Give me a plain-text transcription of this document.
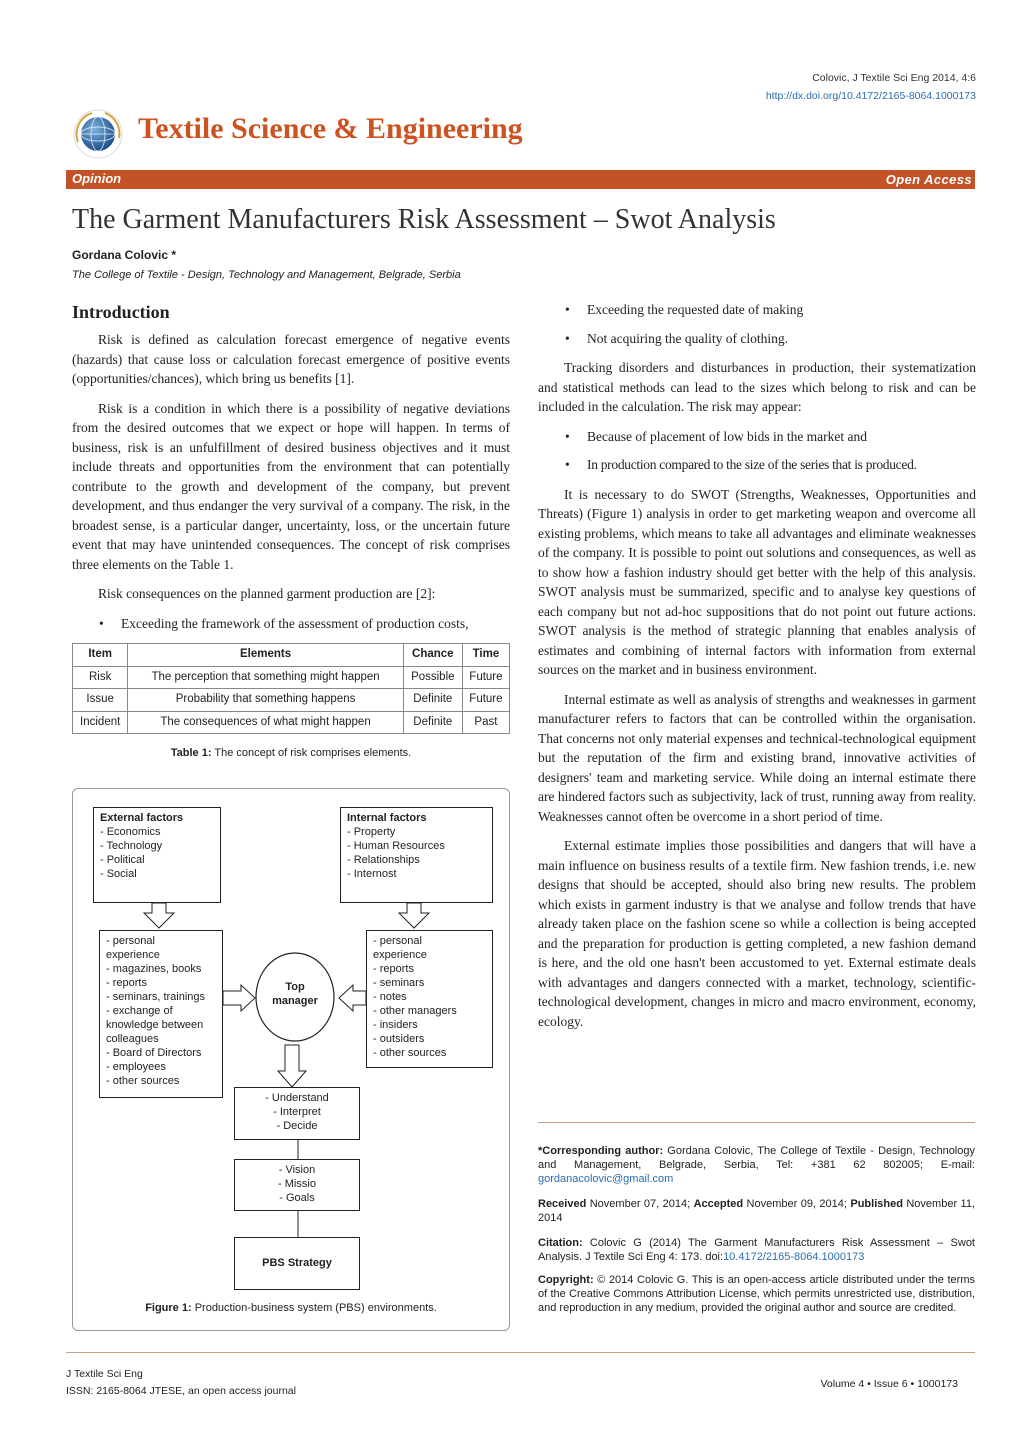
Colovic, J Textile Sci Eng 2014, 4:6
http://dx.doi.org/10.4172/2165-8064.1000173
Textile Science & Engineering
Opinion	Open Access
The Garment Manufacturers Risk Assessment – Swot Analysis
Gordana Colovic *
The College of Textile - Design, Technology and Management, Belgrade, Serbia
Introduction

Risk is defined as calculation forecast emergence of negative events (hazards) that cause loss or calculation forecast emergence of positive events (opportunities/chances), which bring us benefits [1].

Risk is a condition in which there is a possibility of negative deviations from the desired outcomes that we expect or hope will happen. In terms of business, risk is an unfulfillment of desired business objectives and it must include threats and opportunities from the environment that can potentially contribute to the growth and development of the company, but prevent development, and thus endanger the very survival of a company. The risk, in the broadest sense, is a particular danger, uncertainty, loss, or the uncertain future event that may have unintended consequences. The concept of risk comprises three elements on the Table 1.

Risk consequences on the planned garment production are [2]:

• Exceeding the framework of the assessment of production costs,
Item	Elements	Chance	Time
Risk	The perception that something might happen	Possible	Future
Issue	Probability that something happens	Definite	Future
Incident	The consequences of what might happen	Definite	Past
Table 1: The concept of risk comprises elements.
External factors
- Economics
- Technology
- Political
- Social
Internal factors
- Property
- Human Resources
- Relationships
- Internost
- personal
experience
- magazines, books
- reports
- seminars, trainings
- exchange of
knowledge between
colleagues
- Board of Directors
- employees
- other sources
- personal
experience
- reports
- seminars
- notes
- other managers
- insiders
- outsiders
- other sources
Top
manager
- Understand
- Interpret
- Decide
- Vision
- Missio
- Goals
PBS Strategy
Figure 1: Production-business system (PBS) environments.
• Exceeding the requested date of making
• Not acquiring the quality of clothing.

Tracking disorders and disturbances in production, their systematization and statistical methods can lead to the sizes which belong to risk and can be included in the calculation. The risk may appear:

• Because of placement of low bids in the market and
• In production compared to the size of the series that is produced.

It is necessary to do SWOT (Strengths, Weaknesses, Opportunities and Threats) (Figure 1) analysis in order to get marketing weapon and overcome all existing problems, which means to take all advantages and eliminate weaknesses of the company. It is possible to point out solutions and consequences, as well as to show how a fashion industry should get better with the help of this analysis. SWOT analysis must be summarized, specific and to analyse key questions of each company but not ad-hoc suppositions that do not point out future actions. SWOT analysis is the method of strategic planning that enables analysis of estimates and combining of internal factors with information from external sources on the market and in business environment.

Internal estimate as well as analysis of strengths and weaknesses in garment manufacturer refers to factors that can be controlled within the organisation. That concerns not only material expenses and technical-technological equipment but the reputation of the firm and existing brand, innovative activities of designers' team and marketing service. While doing an internal estimate there are hindered factors such as subjectivity, lack of trust, running away from reality. Weaknesses cannot often be overcome in a short period of time.

External estimate implies those possibilities and dangers that will have a main influence on business results of a textile firm. New fashion trends, i.e. new designs that should be accepted, should also bring new results. The problem which exists in garment industry is that we analyse and follow trends that have already taken place on the fashion scene so while a collection is being accepted and the preparation for production is getting completed, a new fashion demand is here, and the old one hasn't been accustomed to yet. External estimate deals with advantages and dangers connected with a market, technology, scientific-technological development, changes in micro and macro environment, economy, ecology.

*Corresponding author: Gordana Colovic, The College of Textile - Design, Technology and Management, Belgrade, Serbia, Tel: +381 62 802005; E-mail: gordanacolovic@gmail.com
Received November 07, 2014; Accepted November 09, 2014; Published November 11, 2014
Citation: Colovic G (2014) The Garment Manufacturers Risk Assessment – Swot Analysis. J Textile Sci Eng 4: 173. doi:10.4172/2165-8064.1000173
Copyright: © 2014 Colovic G. This is an open-access article distributed under the terms of the Creative Commons Attribution License, which permits unrestricted use, distribution, and reproduction in any medium, provided the original author and source are credited.
J Textile Sci Eng
ISSN: 2165-8064 JTESE, an open access journal
Volume 4 • Issue 6 • 1000173
